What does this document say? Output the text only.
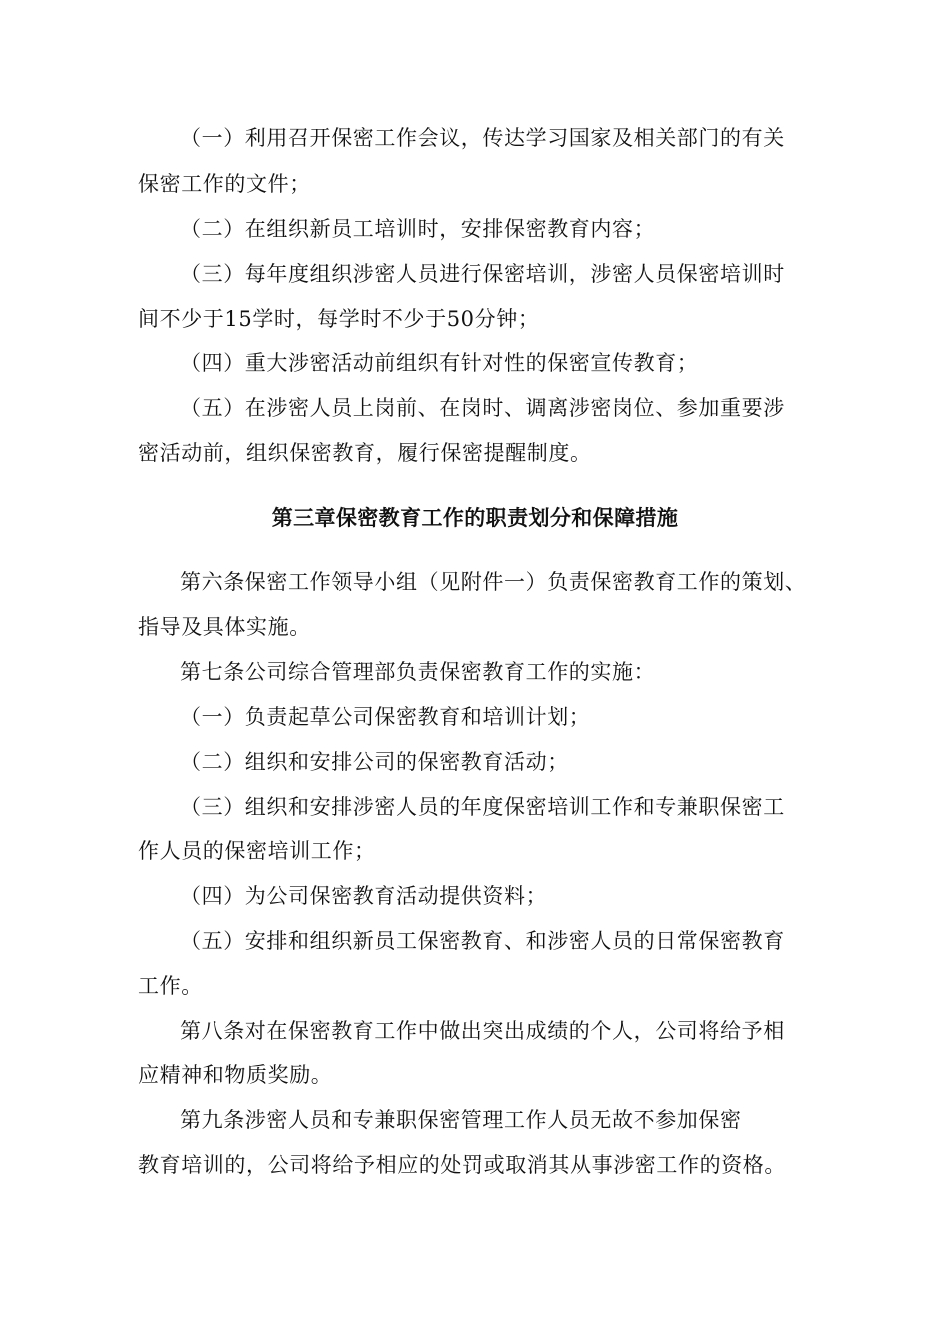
（一）利用召开保密工作会议，传达学习国家及相关部门的有关
保密工作的文件；
（二）在组织新员工培训时，安排保密教育内容；
（三）每年度组织涉密人员进行保密培训，涉密人员保密培训时
间不少于15学时，每学时不少于50分钟；
（四）重大涉密活动前组织有针对性的保密宣传教育；
（五）在涉密人员上岗前、在岗时、调离涉密岗位、参加重要涉
密活动前，组织保密教育，履行保密提醒制度。
第三章保密教育工作的职责划分和保障措施
第六条保密工作领导小组（见附件一）负责保密教育工作的策划、
指导及具体实施。
第七条公司综合管理部负责保密教育工作的实施：
（一）负责起草公司保密教育和培训计划；
（二）组织和安排公司的保密教育活动；
（三）组织和安排涉密人员的年度保密培训工作和专兼职保密工
作人员的保密培训工作；
（四）为公司保密教育活动提供资料；
（五）安排和组织新员工保密教育、和涉密人员的日常保密教育
工作。
第八条对在保密教育工作中做出突出成绩的个人，公司将给予相
应精神和物质奖励。
第九条涉密人员和专兼职保密管理工作人员无故不参加保密
教育培训的，公司将给予相应的处罚或取消其从事涉密工作的资格。
